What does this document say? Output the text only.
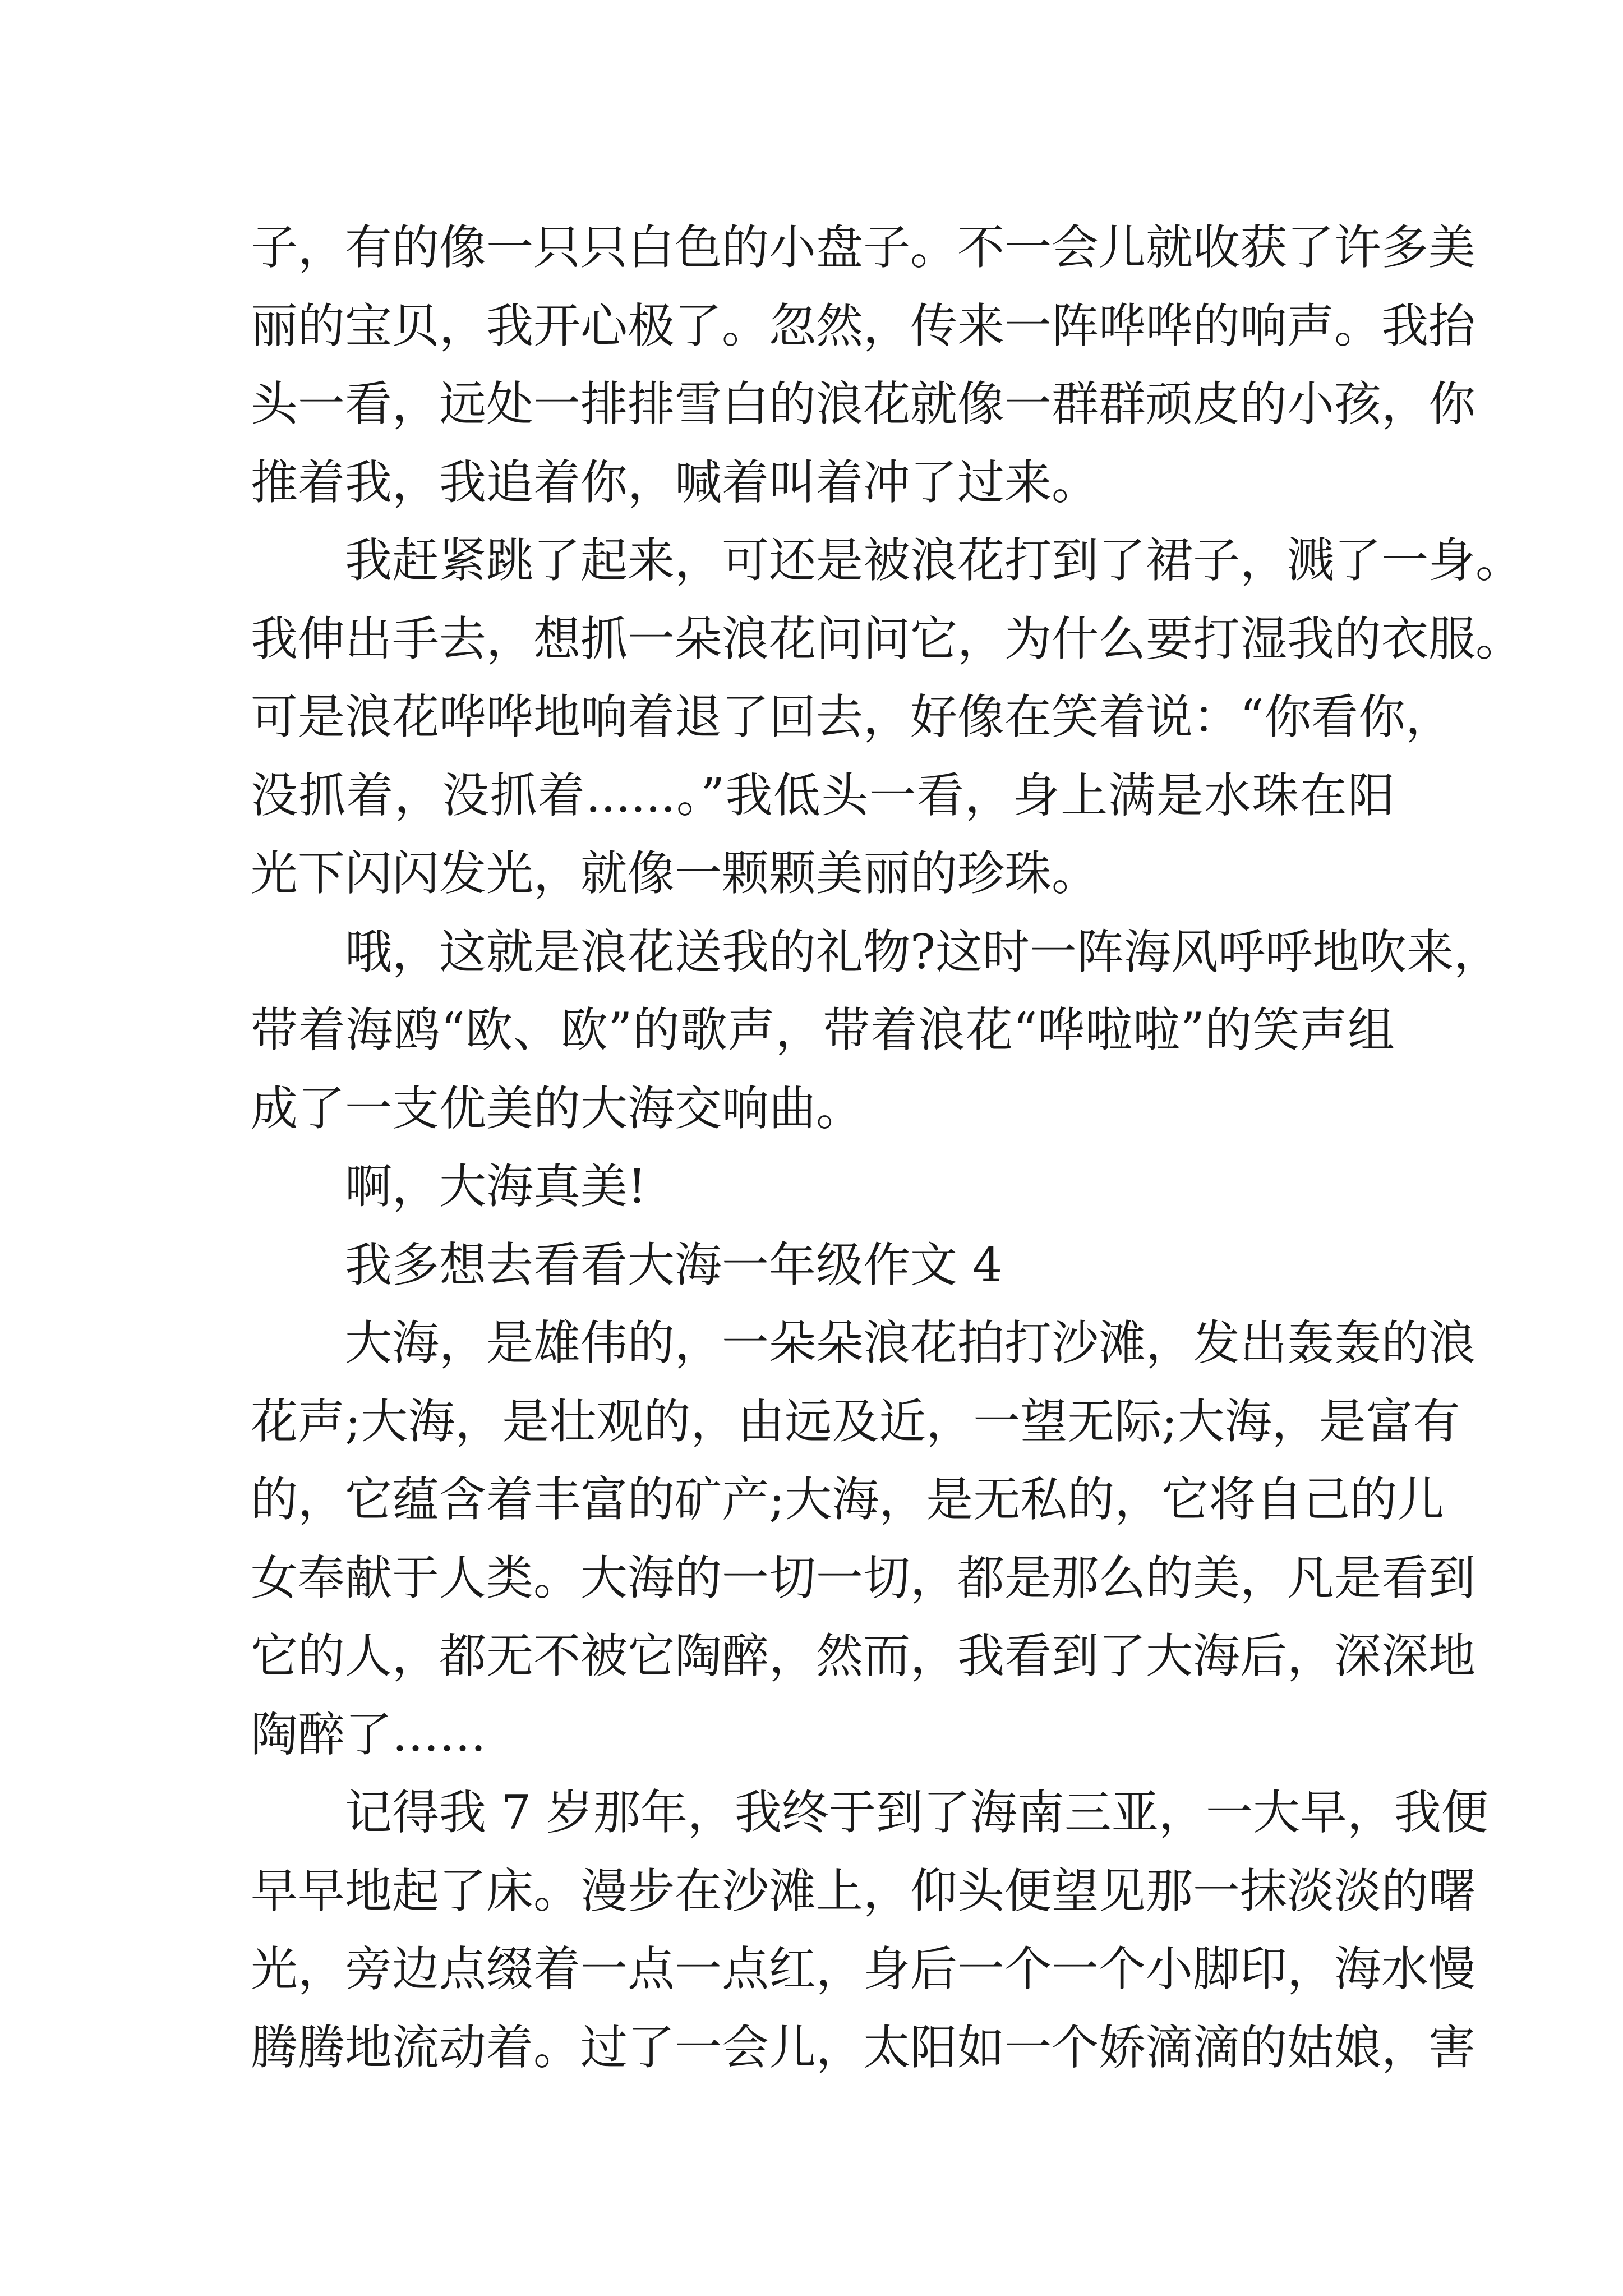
子，有的像一只只白色的小盘子。不一会儿就收获了许多美
丽的宝贝，我开心极了。忽然，传来一阵哗哗的响声。我抬
头一看，远处一排排雪白的浪花就像一群群顽皮的小孩，你
推着我，我追着你，喊着叫着冲了过来。
我赶紧跳了起来，可还是被浪花打到了裙子，溅了一身。
我伸出手去，想抓一朵浪花问问它，为什么要打湿我的衣服。
可是浪花哗哗地响着退了回去，好像在笑着说：“你看你，
没抓着，没抓着......。”我低头一看，身上满是水珠在阳
光下闪闪发光，就像一颗颗美丽的珍珠。
哦，这就是浪花送我的礼物?这时一阵海风呼呼地吹来，
带着海鸥“欧、欧”的歌声，带着浪花“哗啦啦”的笑声组
成了一支优美的大海交响曲。
啊，大海真美!
我多想去看看大海一年级作文 4
大海，是雄伟的，一朵朵浪花拍打沙滩，发出轰轰的浪
花声;大海，是壮观的，由远及近，一望无际;大海，是富有
的，它蕴含着丰富的矿产;大海，是无私的，它将自己的儿
女奉献于人类。大海的一切一切，都是那么的美，凡是看到
它的人，都无不被它陶醉，然而，我看到了大海后，深深地
陶醉了……
记得我 7 岁那年，我终于到了海南三亚，一大早，我便
早早地起了床。漫步在沙滩上，仰头便望见那一抹淡淡的曙
光，旁边点缀着一点一点红，身后一个一个小脚印，海水慢
腾腾地流动着。过了一会儿，太阳如一个娇滴滴的姑娘，害
